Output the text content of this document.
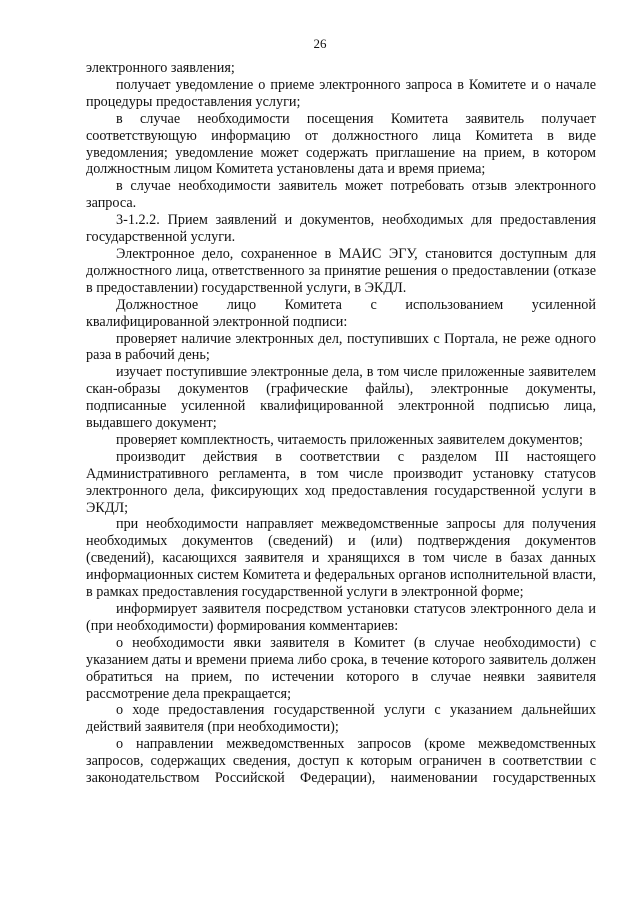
26

электронного заявления;

получает уведомление о приеме электронного запроса в Комитете и о начале процедуры предоставления услуги;

в случае необходимости посещения Комитета заявитель получает соответствующую информацию от должностного лица Комитета в виде уведомления; уведомление может содержать приглашение на прием, в котором должностным лицом Комитета установлены дата и время приема;

в случае необходимости заявитель может потребовать отзыв электронного запроса.

3-1.2.2. Прием заявлений и документов, необходимых для предоставления государственной услуги.

Электронное дело, сохраненное в МАИС ЭГУ, становится доступным для должностного лица, ответственного за принятие решения о предоставлении (отказе в предоставлении) государственной услуги, в ЭКДЛ.

Должностное лицо Комитета с использованием усиленной квалифицированной электронной подписи:

проверяет наличие электронных дел, поступивших с Портала, не реже одного раза в рабочий день;

изучает поступившие электронные дела, в том числе приложенные заявителем скан-образы документов (графические файлы), электронные документы, подписанные усиленной квалифицированной электронной подписью лица, выдавшего документ;

проверяет комплектность, читаемость приложенных заявителем документов;

производит действия в соответствии с разделом III настоящего Административного регламента, в том числе производит установку статусов электронного дела, фиксирующих ход предоставления государственной услуги в ЭКДЛ;

при необходимости направляет межведомственные запросы для получения необходимых документов (сведений) и (или) подтверждения документов (сведений), касающихся заявителя и хранящихся в том числе в базах данных информационных систем Комитета и федеральных органов исполнительной власти, в рамках предоставления государственной услуги в электронной форме;

информирует заявителя посредством установки статусов электронного дела и (при необходимости) формирования комментариев:

о необходимости явки заявителя в Комитет (в случае необходимости) с указанием даты и времени приема либо срока, в течение которого заявитель должен обратиться на прием, по истечении которого в случае неявки заявителя рассмотрение дела прекращается;

о ходе предоставления государственной услуги с указанием дальнейших действий заявителя (при необходимости);

о направлении межведомственных запросов (кроме межведомственных запросов, содержащих сведения, доступ к которым ограничен в соответствии с законодательством Российской Федерации), наименовании государственных
